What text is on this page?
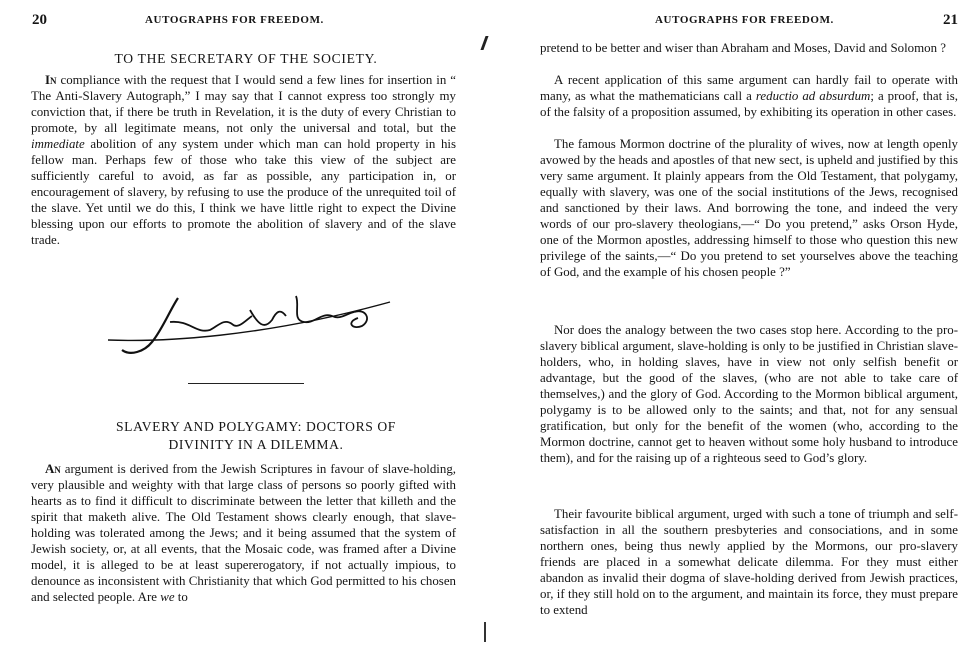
20	AUTOGRAPHS FOR FREEDOM.
TO THE SECRETARY OF THE SOCIETY.

In compliance with the request that I would send a few lines for insertion in “ The Anti-Slavery Autograph,” I may say that I cannot express too strongly my conviction that, if there be truth in Revelation, it is the duty of every Christian to promote, by all legitimate means, not only the universal and total, but the immediate abolition of any system under which man can hold property in his fellow man. Perhaps few of those who take this view of the subject are sufficiently careful to avoid, as far as possible, any participation in, or encouragement of slavery, by refusing to use the produce of the unrequited toil of the slave. Yet until we do this, I think we have little right to expect the Divine blessing upon our efforts to promote the abolition of slavery and of the slave trade.

SLAVERY AND POLYGAMY: DOCTORS OF
DIVINITY IN A DILEMMA.

An argument is derived from the Jewish Scriptures in favour of slave-holding, very plausible and weighty with that large class of persons so poorly gifted with hearts as to find it difficult to discriminate between the letter that killeth and the spirit that maketh alive. The Old Testament shows clearly enough, that slave-holding was tolerated among the Jews; and it being assumed that the system of Jewish society, or, at all events, that the Mosaic code, was framed after a Divine model, it is alleged to be at least supererogatory, if not actually impious, to denounce as inconsistent with Christianity that which God permitted to his chosen and selected people. Are we to

AUTOGRAPHS FOR FREEDOM.	21

pretend to be better and wiser than Abraham and Moses, David and Solomon ?

A recent application of this same argument can hardly fail to operate with many, as what the mathematicians call a reductio ad absurdum; a proof, that is, of the falsity of a proposition assumed, by exhibiting its operation in other cases.

The famous Mormon doctrine of the plurality of wives, now at length openly avowed by the heads and apostles of that new sect, is upheld and justified by this very same argument. It plainly appears from the Old Testament, that polygamy, equally with slavery, was one of the social institutions of the Jews, recognised and sanctioned by their laws. And borrowing the tone, and indeed the very words of our pro-slavery theologians,—“ Do you pretend,” asks Orson Hyde, one of the Mormon apostles, addressing himself to those who question this new privilege of the saints,—“ Do you pretend to set yourselves above the teaching of God, and the example of his chosen people ?”

Nor does the analogy between the two cases stop here. According to the pro-slavery biblical argument, slave-holding is only to be justified in Christian slave-holders, who, in holding slaves, have in view not only selfish benefit or advantage, but the good of the slaves, (who are not able to take care of themselves,) and the glory of God. According to the Mormon biblical argument, polygamy is to be allowed only to the saints; and that, not for any sensual gratification, but only for the benefit of the women (who, according to the Mormon doctrine, cannot get to heaven without some holy husband to introduce them), and for the raising up of a righteous seed to God’s glory.

Their favourite biblical argument, urged with such a tone of triumph and self-satisfaction in all the southern presbyteries and consociations, and in some northern ones, being thus newly applied by the Mormons, our pro-slavery friends are placed in a somewhat delicate dilemma. For they must either abandon as invalid their dogma of slave-holding derived from Jewish practices, or, if they still hold on to the argument, and maintain its force, they must prepare to extend
